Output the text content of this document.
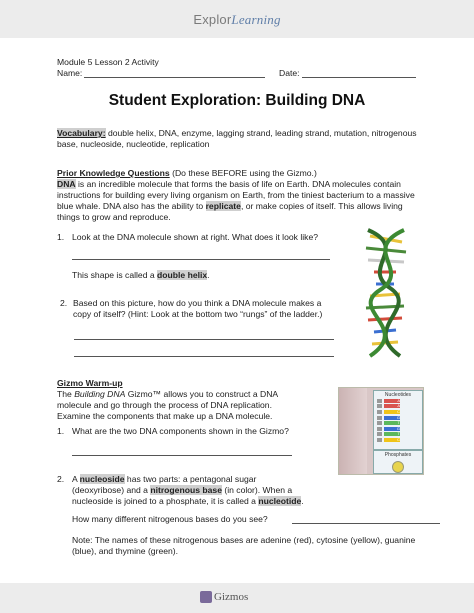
ExplorLearning
Module 5 Lesson 2 Activity
Name:	Date:
Student Exploration: Building DNA
Vocabulary: double helix, DNA, enzyme, lagging strand, leading strand, mutation, nitrogenous
base, nucleoside, nucleotide, replication
Prior Knowledge Questions (Do these BEFORE using the Gizmo.)
DNA is an incredible molecule that forms the basis of life on Earth. DNA molecules contain
instructions for building every living organism on Earth, from the tiniest bacterium to a massive
blue whale. DNA also has the ability to replicate, or make copies of itself. This allows living
things to grow and reproduce.
1. Look at the DNA molecule shown at right. What does it look like?
This shape is called a double helix.
2. Based on this picture, how do you think a DNA molecule makes a
copy of itself? (Hint: Look at the bottom two “rungs” of the ladder.)
Gizmo Warm-up
The Building DNA Gizmo™ allows you to construct a DNA
molecule and go through the process of DNA replication.
Examine the components that make up a DNA molecule.
1. What are the two DNA components shown in the Gizmo?
2. A nucleoside has two parts: a pentagonal sugar
(deoxyribose) and a nitrogenous base (in color). When a
nucleoside is joined to a phosphate, it is called a nucleotide.
How many different nitrogenous bases do you see?
Note: The names of these nitrogenous bases are adenine (red), cytosine (yellow), guanine
(blue), and thymine (green).
Nucleotides
A
A
C
G
T
G
T
C
Phosphates
Gizmos
